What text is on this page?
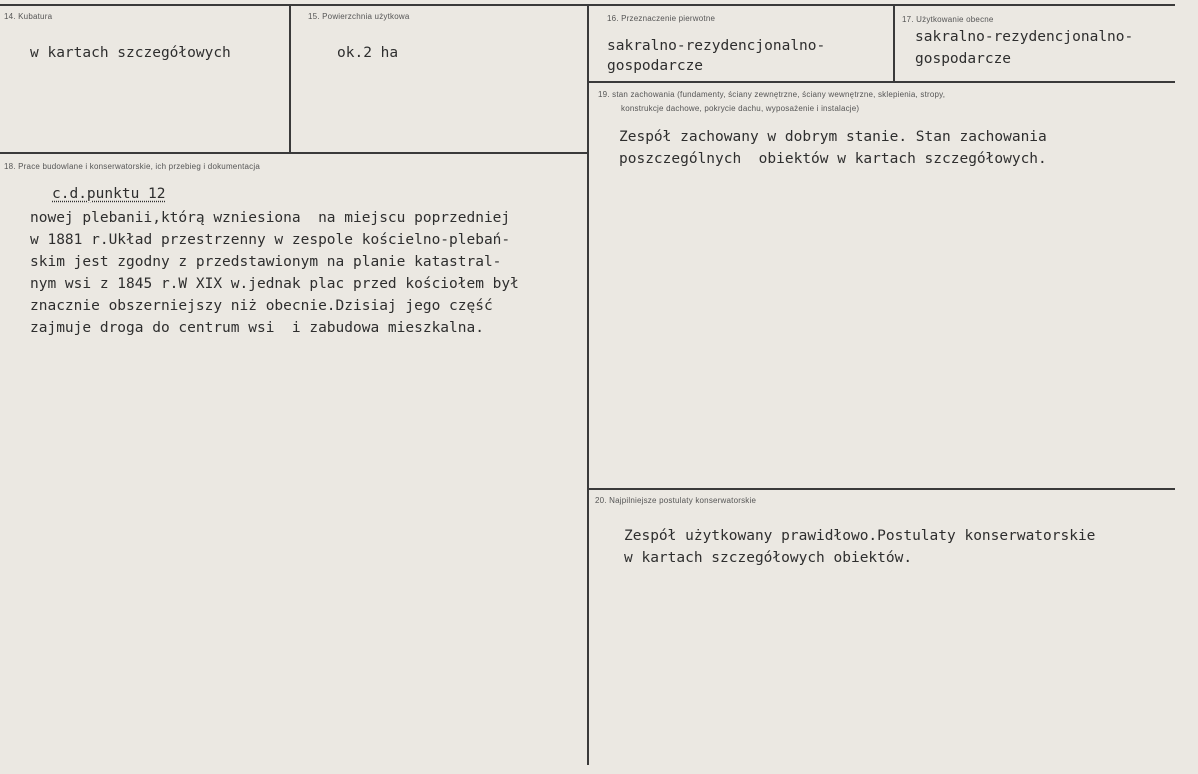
14. Kubatura
w kartach szczegółowych
15. Powierzchnia użytkowa
ok.2 ha
16. Przeznaczenie pierwotne
sakralno-rezydencjonalno-
gospodarcze
17. Użytkowanie obecne
sakralno-rezydencjonalno-
gospodarcze
18. Prace budowlane i konserwatorskie, ich przebieg i dokumentacja
c.d.punktu 12
nowej plebanii,którą wzniesiona  na miejscu poprzedniej
w 1881 r.Układ przestrzenny w zespole kościelno-plebań-
skim jest zgodny z przedstawionym na planie katastral-
nym wsi z 1845 r.W XIX w.jednak plac przed kościołem był
znacznie obszerniejszy niż obecnie.Dzisiaj jego część
zajmuje droga do centrum wsi  i zabudowa mieszkalna.
19. stan zachowania (fundamenty, ściany zewnętrzne, ściany wewnętrzne, sklepienia, stropy,
konstrukcje dachowe, pokrycie dachu, wyposażenie i instalacje)
Zespół zachowany w dobrym stanie. Stan zachowania
poszczególnych  obiektów w kartach szczegółowych.
20. Najpilniejsze postulaty konserwatorskie
Zespół użytkowany prawidłowo.Postulaty konserwatorskie
w kartach szczegółowych obiektów.
